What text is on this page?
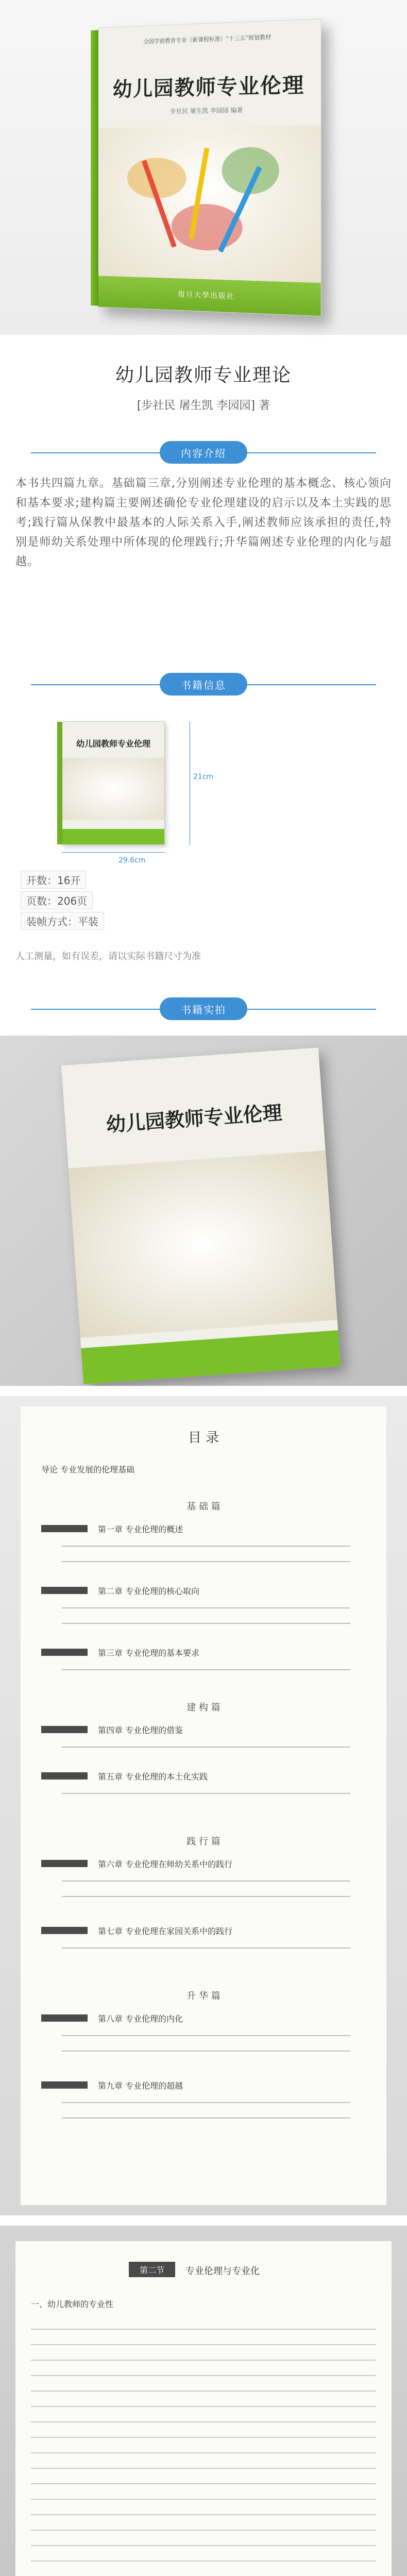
全国学前教育专业（新课程标准）"十三五"规划教材
幼儿园教师专业伦理
步社民 屠生凯 李园园 编著
復旦大學出版社
幼儿园教师专业理论
[步社民 屠生凯 李园园] 著
内容介绍
本书共四篇九章。基础篇三章,分别阐述专业伦理的基本概念、核心领向和基本要求;建构篇主要阐述确伦专业伦理建设的启示以及本土实践的思考;践行篇从保教中最基本的人际关系入手,阐述教师应该承担的责任,特别是师幼关系处理中所体现的伦理践行;升华篇阐述专业伦理的内化与超越。
书籍信息
幼儿园教师专业伦理
29.6cm
21cm
开数：16开
页数：206页
装帧方式：平装
人工测量，如有误差，请以实际书籍尺寸为准
书籍实拍
幼儿园教师专业伦理
目 录
导论 专业发展的伦理基础
基 础 篇
第一章 专业伦理的概述
第二章 专业伦理的核心取向
第三章 专业伦理的基本要求
建 构 篇
第四章 专业伦理的借鉴
第五章 专业伦理的本土化实践
践 行 篇
第六章 专业伦理在师幼关系中的践行
第七章 专业伦理在家园关系中的践行
升 华 篇
第八章 专业伦理的内化
第九章 专业伦理的超越
第二节	专业伦理与专业化
一、幼儿教师的专业性
